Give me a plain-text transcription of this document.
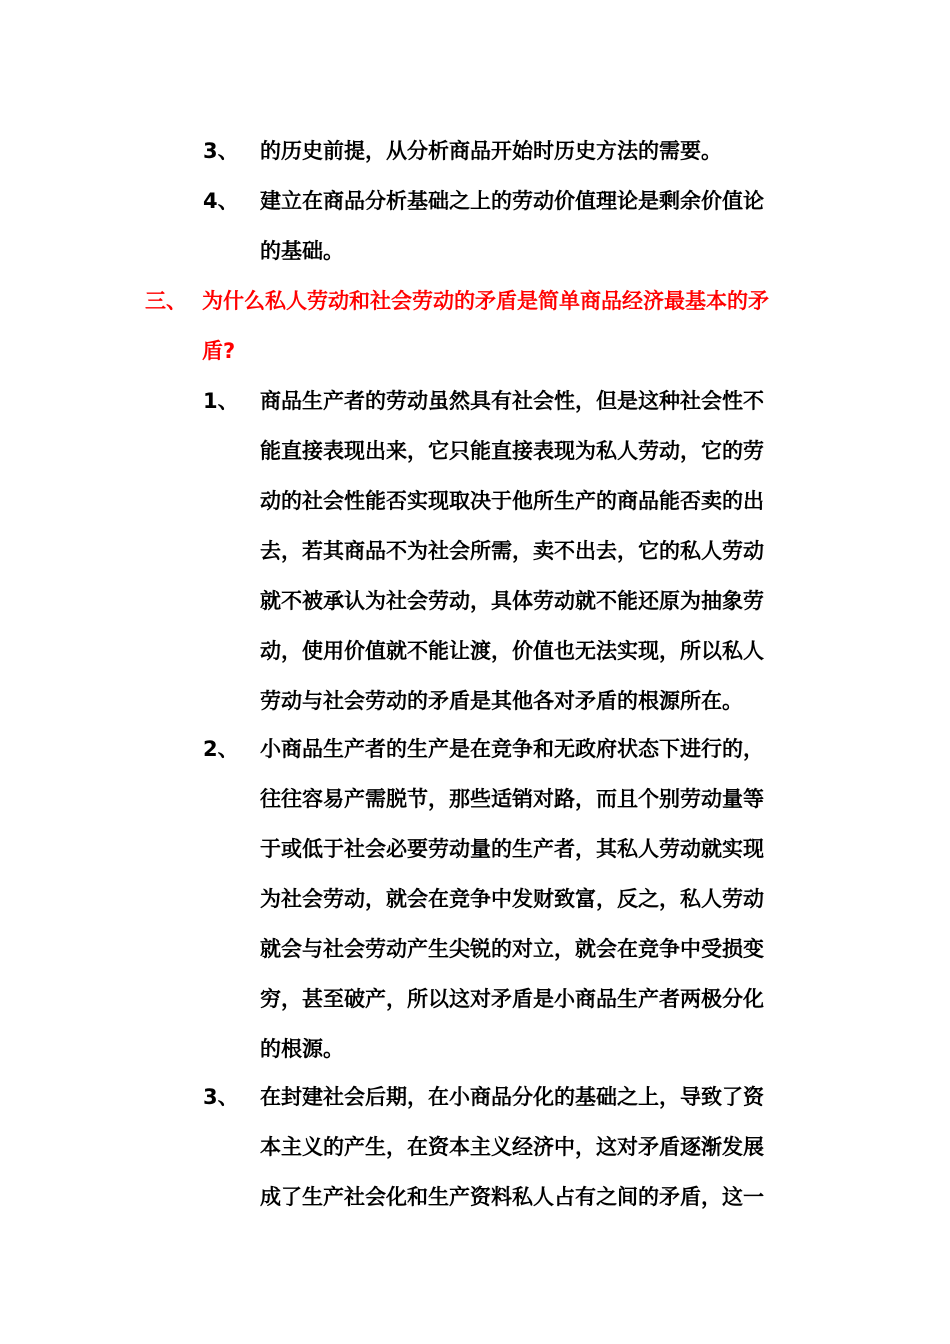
3、 的历史前提，从分析商品开始时历史方法的需要。
4、 建立在商品分析基础之上的劳动价值理论是剩余价值论
的基础。
三、 为什么私人劳动和社会劳动的矛盾是简单商品经济最基本的矛
盾?
1、 商品生产者的劳动虽然具有社会性，但是这种社会性不
能直接表现出来，它只能直接表现为私人劳动，它的劳
动的社会性能否实现取决于他所生产的商品能否卖的出
去，若其商品不为社会所需，卖不出去，它的私人劳动
就不被承认为社会劳动，具体劳动就不能还原为抽象劳
动，使用价值就不能让渡，价值也无法实现，所以私人
劳动与社会劳动的矛盾是其他各对矛盾的根源所在。
2、 小商品生产者的生产是在竞争和无政府状态下进行的，
往往容易产需脱节，那些适销对路，而且个别劳动量等
于或低于社会必要劳动量的生产者，其私人劳动就实现
为社会劳动，就会在竞争中发财致富，反之，私人劳动
就会与社会劳动产生尖锐的对立，就会在竞争中受损变
穷，甚至破产，所以这对矛盾是小商品生产者两极分化
的根源。
3、 在封建社会后期，在小商品分化的基础之上，导致了资
本主义的产生，在资本主义经济中，这对矛盾逐渐发展
成了生产社会化和生产资料私人占有之间的矛盾，这一
